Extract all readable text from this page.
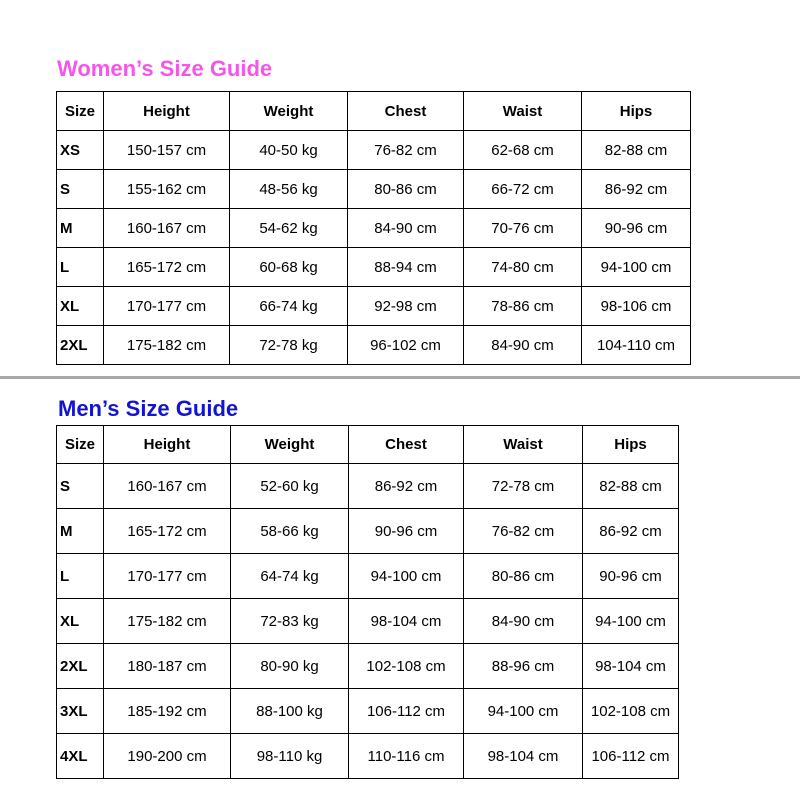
Women’s Size Guide
Size	Height	Weight	Chest	Waist	Hips
XS	150-157 cm	40-50 kg	76-82 cm	62-68 cm	82-88 cm
S	155-162 cm	48-56 kg	80-86 cm	66-72 cm	86-92 cm
M	160-167 cm	54-62 kg	84-90 cm	70-76 cm	90-96 cm
L	165-172 cm	60-68 kg	88-94 cm	74-80 cm	94-100 cm
XL	170-177 cm	66-74 kg	92-98 cm	78-86 cm	98-106 cm
2XL	175-182 cm	72-78 kg	96-102 cm	84-90 cm	104-110 cm
Men’s Size Guide
Size	Height	Weight	Chest	Waist	Hips
S	160-167 cm	52-60 kg	86-92 cm	72-78 cm	82-88 cm
M	165-172 cm	58-66 kg	90-96 cm	76-82 cm	86-92 cm
L	170-177 cm	64-74 kg	94-100 cm	80-86 cm	90-96 cm
XL	175-182 cm	72-83 kg	98-104 cm	84-90 cm	94-100 cm
2XL	180-187 cm	80-90 kg	102-108 cm	88-96 cm	98-104 cm
3XL	185-192 cm	88-100 kg	106-112 cm	94-100 cm	102-108 cm
4XL	190-200 cm	98-110 kg	110-116 cm	98-104 cm	106-112 cm
